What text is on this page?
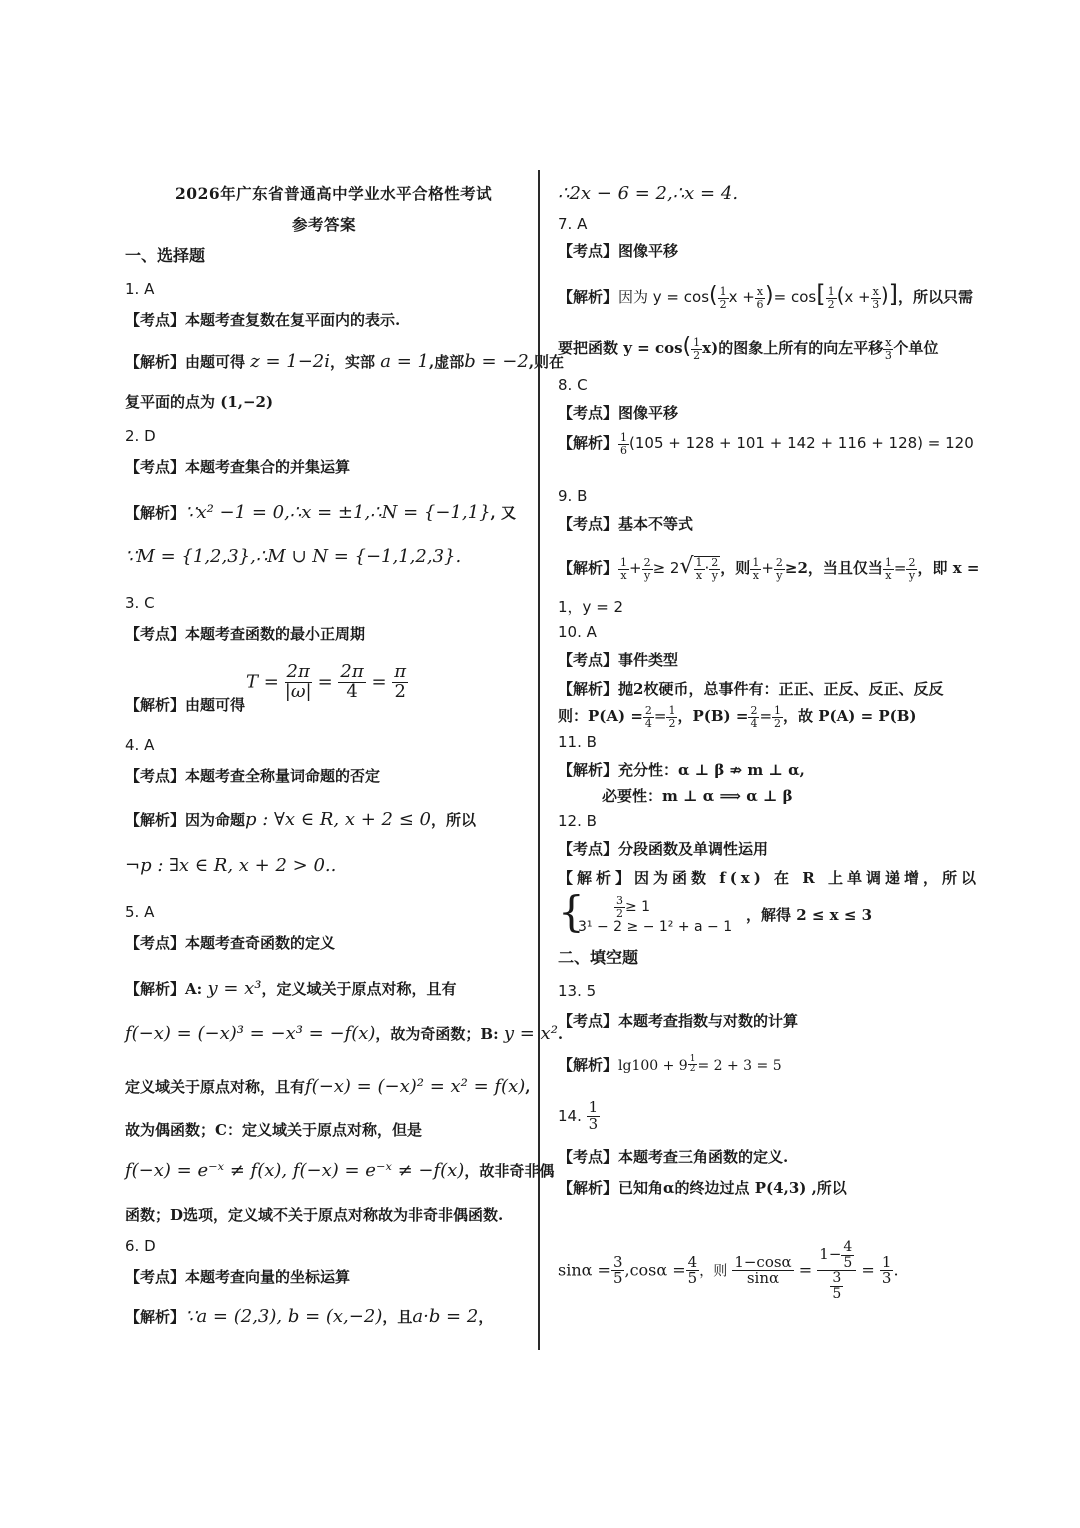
2026年广东省普通高中学业水平合格性考试
参考答案
一、选择题
1. A
【考点】本题考查复数在复平面内的表示.
【解析】由题可得 z = 1−2i，实部 a = 1,虚部b = −2,则在
复平面的点为 (1,−2)
2. D
【考点】本题考查集合的并集运算
【解析】∵x² −1 = 0,∴x = ±1,∴N = {−1,1}, 又
∵M = {1,2,3},∴M ∪ N = {−1,1,2,3}.
3. C
【考点】本题考查函数的最小正周期
【解析】由题可得
$T = \frac{2\pi}{|\omega|} = \frac{2\pi}{4} = \frac{\pi}{2}$
4. A
【考点】本题考查全称量词命题的否定
【解析】因为命题p : ∀x ∈ R, x + 2 ≤ 0，所以
¬p : ∃x ∈ R, x + 2 > 0..
5. A
【考点】本题考查奇函数的定义
【解析】A: y = x³，定义域关于原点对称，且有
f(−x) = (−x)³ = −x³ = −f(x)，故为奇函数；B: y = x².
定义域关于原点对称，且有f(−x) = (−x)² = x² = f(x),
故为偶函数；C：定义域关于原点对称，但是
f(−x) = e⁻ˣ ≠ f(x), f(−x) = e⁻ˣ ≠ −f(x)，故非奇非偶
函数；D选项，定义域不关于原点对称故为非奇非偶函数.
6. D
【考点】本题考查向量的坐标运算
【解析】∵a = (2,3), b = (x,−2)，且a·b = 2，
∴2x − 6 = 2,∴x = 4.
7. A
【考点】图像平移
【解析】因为 $y = \cos( \frac{1}{2}$ $x + \frac{x}{6}$ )= $\cos[ \frac{1}{2} (x + \frac{x}{3}$ )]，所以只需
要把函数 $y = \cos( \frac{1}{2} x)$的图象上所有的向左平移 $\frac{x}{3}$ 个单位
8. C
【考点】图像平移
【解析】 $\frac{1}{6} (105 + 128 + 101 + 142 + 116 + 128) = 120$
9. B
【考点】基本不等式
【解析】 $\frac{1}{x} + \frac{2}{y} \ge 2√ \frac{1}{x} \cdot \frac{2}{y}$ ，则 $\frac{1}{x} + \frac{2}{y} \ge 2$，当且仅当 $\frac{1}{x} = \frac{2}{y}$ ，即 x =
1，y = 2
10. A
【考点】事件类型
【解析】抛2枚硬币，总事件有：正正、正反、反正、反反
则：$P(A) = \frac{2}{4} = \frac{1}{2}$ ，$P(B) = \frac{2}{4} = \frac{1}{2}$ ，故 P(A) = P(B)
11. B
【解析】充分性：α ⊥ β ⇏ m ⊥ α,
必要性：m ⊥ α ⟹ α ⊥ β
12. B
【考点】分段函数及单调性运用
【解析】因为函数 f(x) 在 R 上单调递增，所以
{	$\frac{3}{2} \ge 1$
3¹ − 2 ≥ − 1² + a − 1
，解得 2 ≤ x ≤ 3
二、填空题
13. 5
【考点】本题考查指数与对数的计算
【解析】$\lg 100 + 9 \frac{1}{2} = 2 + 3 = 5$
14. $\frac{1}{3}$
【考点】本题考查三角函数的定义.
【解析】已知角α的终边过点 P(4,3) ,所以
$\sin\alpha = \frac{3}{5} ,\cos\alpha = \frac{4}{5}$ ，则 $\frac{1-\cos\alpha}{\sin\alpha} = \frac{1- \frac{4}{5}}{\frac{3}{5}} = \frac{1}{3}$ .
